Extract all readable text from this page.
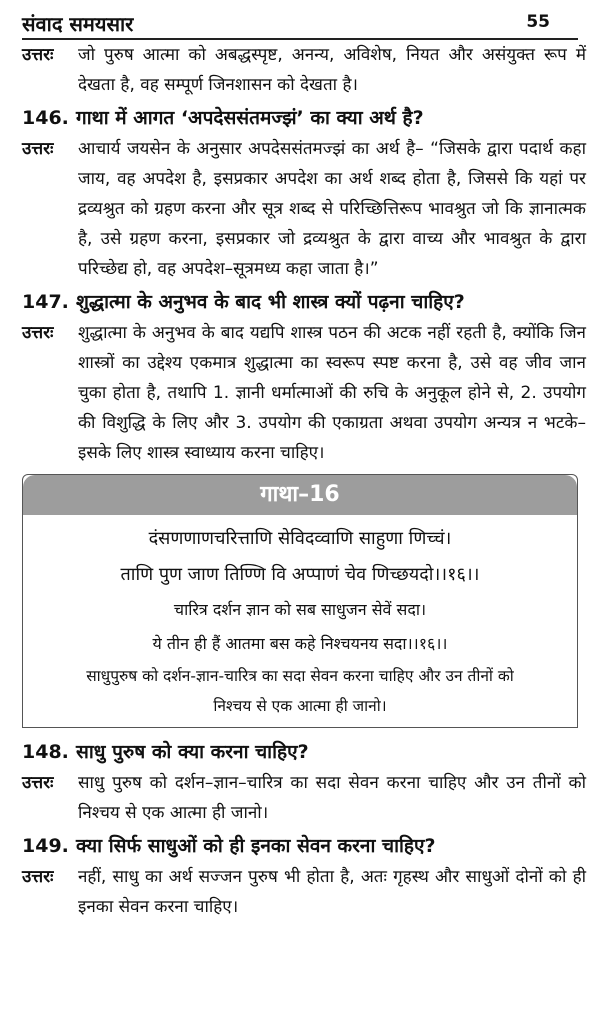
संवाद समयसार	55
उत्तरः	जो पुरुष आत्मा को अबद्धस्पृष्ट, अनन्य, अविशेष, नियत और असंयुक्त रूप में देखता है, वह सम्पूर्ण जिनशासन को देखता है।
146. गाथा में आगत ‘अपदेससंतमज्झं’ का क्या अर्थ है?
उत्तरः	आचार्य जयसेन के अनुसार अपदेससंतमज्झं का अर्थ है– “जिसके द्वारा पदार्थ कहा जाय, वह अपदेश है, इसप्रकार अपदेश का अर्थ शब्द होता है, जिससे कि यहां पर द्रव्यश्रुत को ग्रहण करना और सूत्र शब्द से परिच्छित्तिरूप भावश्रुत जो कि ज्ञानात्मक है, उसे ग्रहण करना, इसप्रकार जो द्रव्यश्रुत के द्वारा वाच्य और भावश्रुत के द्वारा परिच्छेद्य हो, वह अपदेश–सूत्रमध्य कहा जाता है।”
147. शुद्धात्मा के अनुभव के बाद भी शास्त्र क्यों पढ़ना चाहिए?
उत्तरः	शुद्धात्मा के अनुभव के बाद यद्यपि शास्त्र पठन की अटक नहीं रहती है, क्योंकि जिन शास्त्रों का उद्देश्य एकमात्र शुद्धात्मा का स्वरूप स्पष्ट करना है, उसे वह जीव जान चुका होता है, तथापि 1. ज्ञानी धर्मात्माओं की रुचि के अनुकूल होने से, 2. उपयोग की विशुद्धि के लिए और 3. उपयोग की एकाग्रता अथवा उपयोग अन्यत्र न भटके– इसके लिए शास्त्र स्वाध्याय करना चाहिए।
गाथा–16
दंसणणाणचरित्ताणि सेविदव्वाणि साहुणा णिच्चं।
ताणि पुण जाण तिण्णि वि अप्पाणं चेव णिच्छयदो।।१६।।
चारित्र दर्शन ज्ञान को सब साधुजन सेवें सदा।
ये तीन ही हैं आतमा बस कहे निश्चयनय सदा।।१६।।
साधुपुरुष को दर्शन-ज्ञान-चारित्र का सदा सेवन करना चाहिए और उन तीनों को
निश्चय से एक आत्मा ही जानो।
148. साधु पुरुष को क्या करना चाहिए?
उत्तरः	साधु पुरुष को दर्शन–ज्ञान–चारित्र का सदा सेवन करना चाहिए और उन तीनों को निश्चय से एक आत्मा ही जानो।
149. क्या सिर्फ साधुओं को ही इनका सेवन करना चाहिए?
उत्तरः	नहीं, साधु का अर्थ सज्जन पुरुष भी होता है, अतः गृहस्थ और साधुओं दोनों को ही इनका सेवन करना चाहिए।
